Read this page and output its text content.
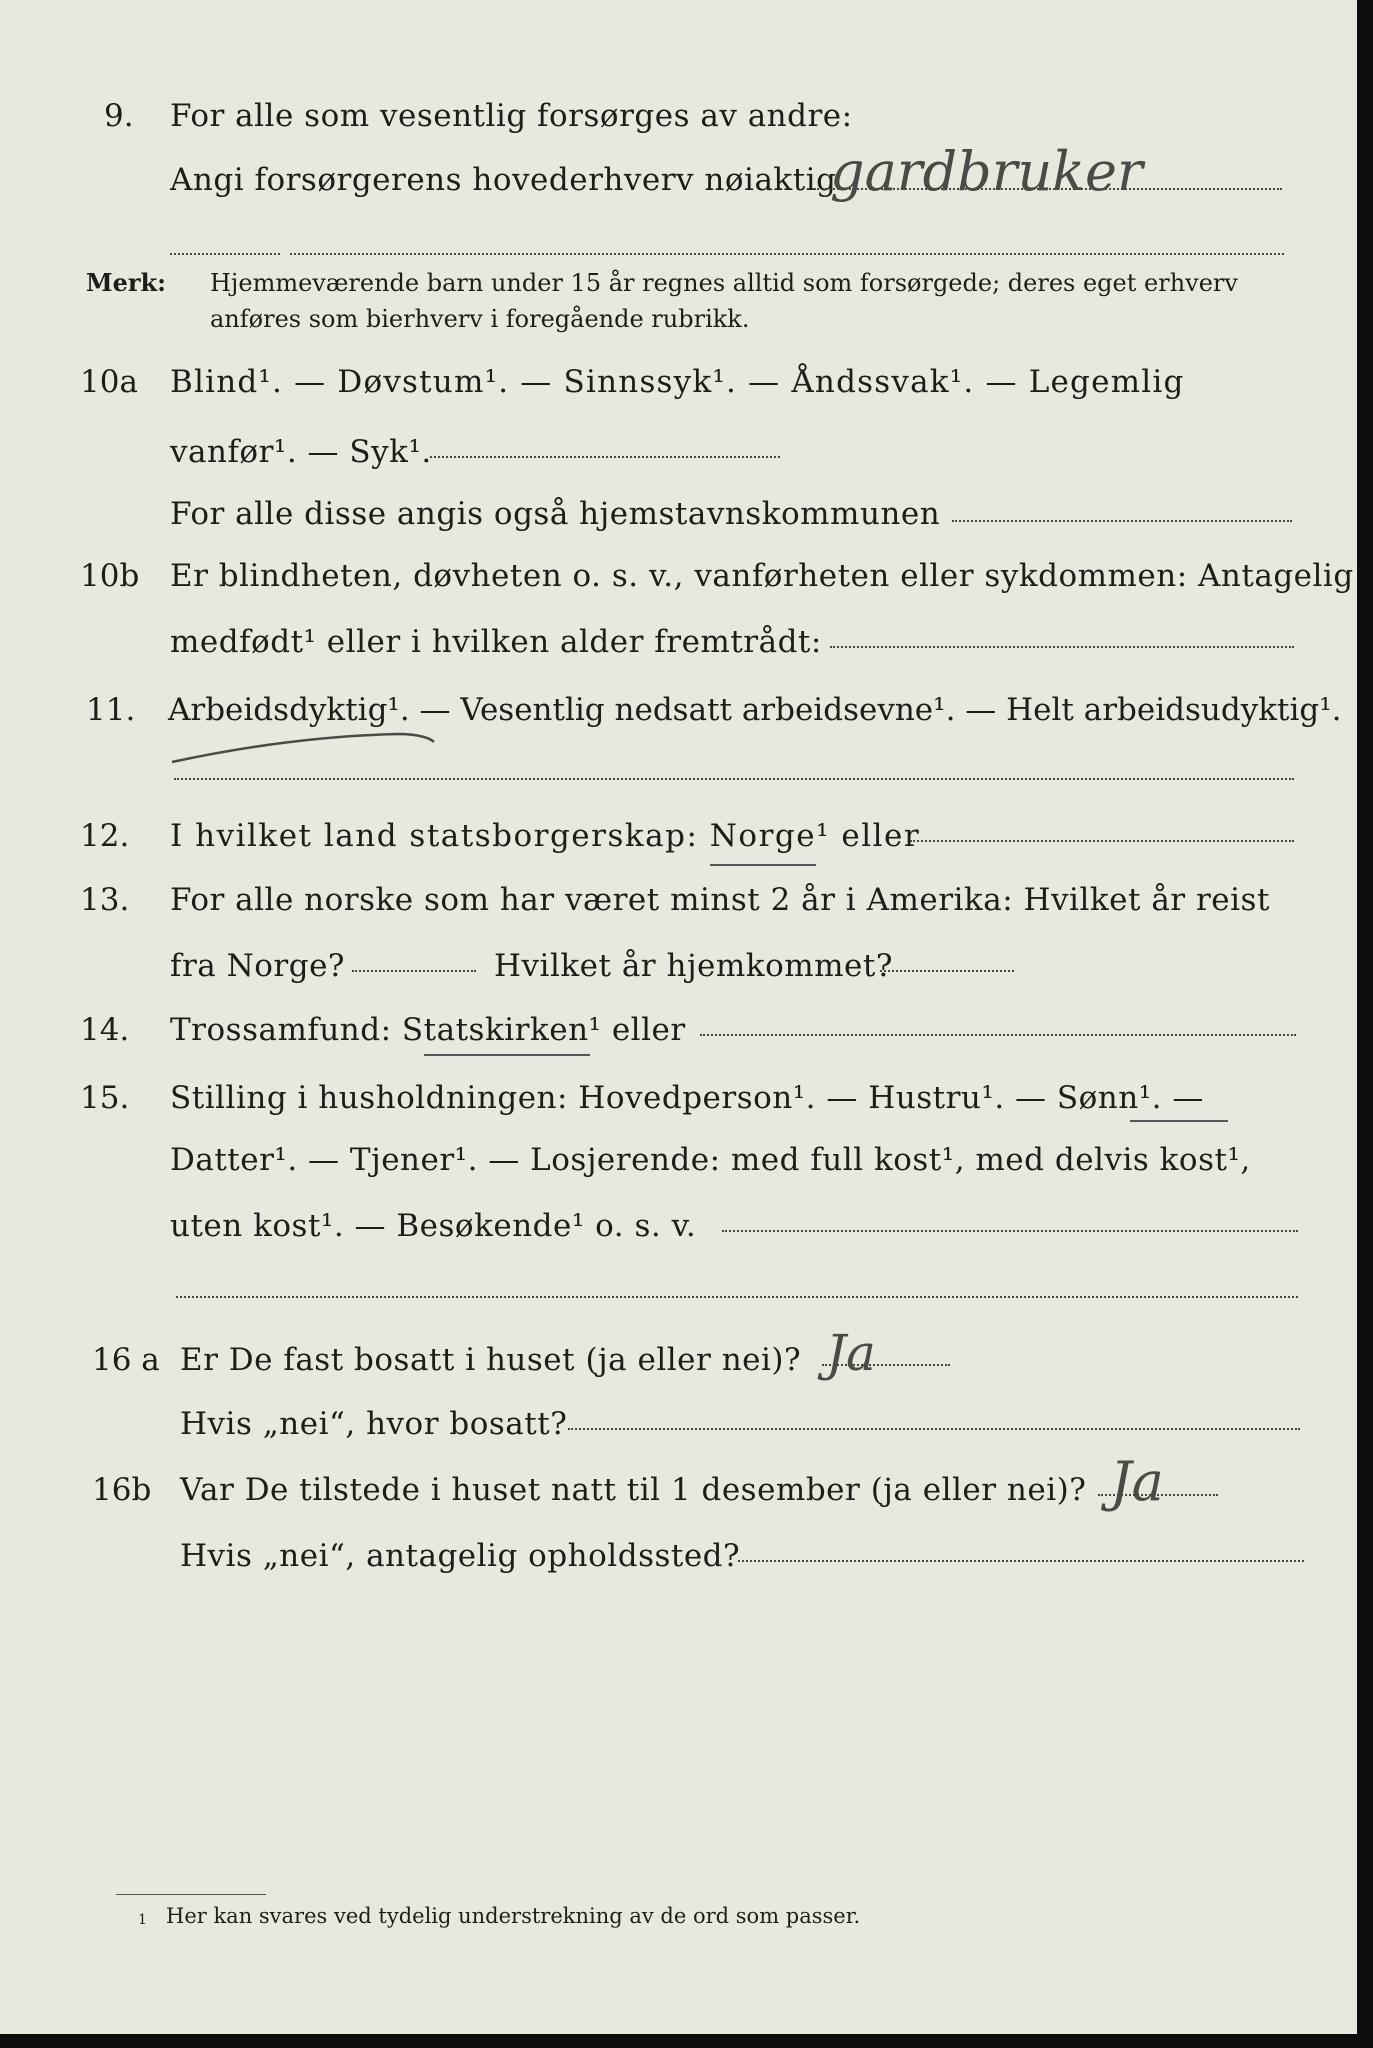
9. For alle som vesentlig forsørges av andre:
Angi forsørgerens hovederhverv nøiaktig
gardbruker
Merk: Hjemmeværende barn under 15 år regnes alltid som forsørgede; deres eget erhverv
anføres som bierhverv i foregående rubrikk.
10a Blind¹. — Døvstum¹. — Sinnssyk¹. — Åndssvak¹. — Legemlig
vanfør¹. — Syk¹.
For alle disse angis også hjemstavnskommunen
10b Er blindheten, døvheten o. s. v., vanførheten eller sykdommen: Antagelig
medfødt¹ eller i hvilken alder fremtrådt:
11. Arbeidsdyktig¹. — Vesentlig nedsatt arbeidsevne¹. — Helt arbeidsudyktig¹.
12. I hvilket land statsborgerskap: Norge¹ eller
13. For alle norske som har været minst 2 år i Amerika: Hvilket år reist
fra Norge?	Hvilket år hjemkommet?
14. Trossamfund: Statskirken¹ eller
15. Stilling i husholdningen: Hovedperson¹. — Hustru¹. — Sønn¹. —
Datter¹. — Tjener¹. — Losjerende: med full kost¹, med delvis kost¹,
uten kost¹. — Besøkende¹ o. s. v.
16 a Er De fast bosatt i huset (ja eller nei)? Ja
Hvis „nei“, hvor bosatt?
16b Var De tilstede i huset natt til 1 desember (ja eller nei)? Ja
Hvis „nei“, antagelig opholdssted?
1 Her kan svares ved tydelig understrekning av de ord som passer.
